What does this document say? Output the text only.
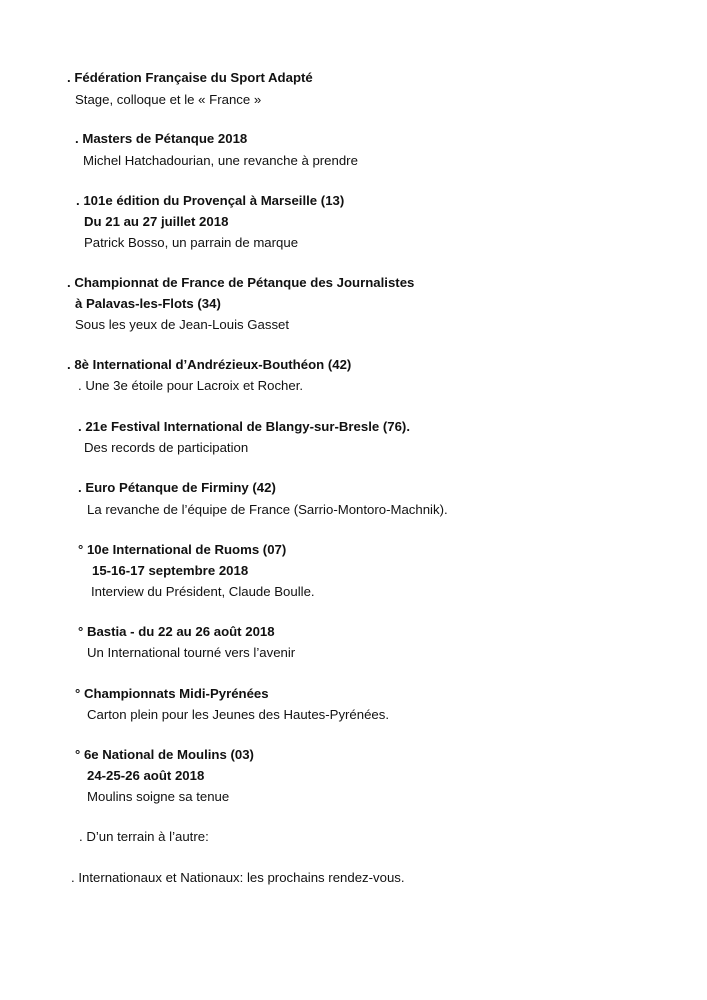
. Fédération Française du Sport Adapté
Stage, colloque et le « France »
. Masters de Pétanque 2018
Michel Hatchadourian, une revanche à prendre
. 101e édition du Provençal à Marseille (13)
Du 21 au 27 juillet 2018
Patrick Bosso, un parrain de marque
. Championnat de France de Pétanque des Journalistes
à Palavas-les-Flots (34)
Sous les yeux de Jean-Louis Gasset
. 8è International d’Andrézieux-Bouthéon (42)
. Une 3e étoile pour Lacroix et Rocher.
. 21e Festival International de Blangy-sur-Bresle (76).
Des records de participation
. Euro Pétanque de Firminy (42)
La revanche de l’équipe de France (Sarrio-Montoro-Machnik).
° 10e International de Ruoms (07)
15-16-17 septembre 2018
Interview du Président, Claude Boulle.
° Bastia - du 22 au 26 août 2018
Un International tourné vers l’avenir
° Championnats Midi-Pyrénées
Carton plein pour les Jeunes des Hautes-Pyrénées.
° 6e National de Moulins (03)
24-25-26 août 2018
Moulins soigne sa tenue
. D’un terrain à l’autre:
. Internationaux et Nationaux: les prochains rendez-vous.
